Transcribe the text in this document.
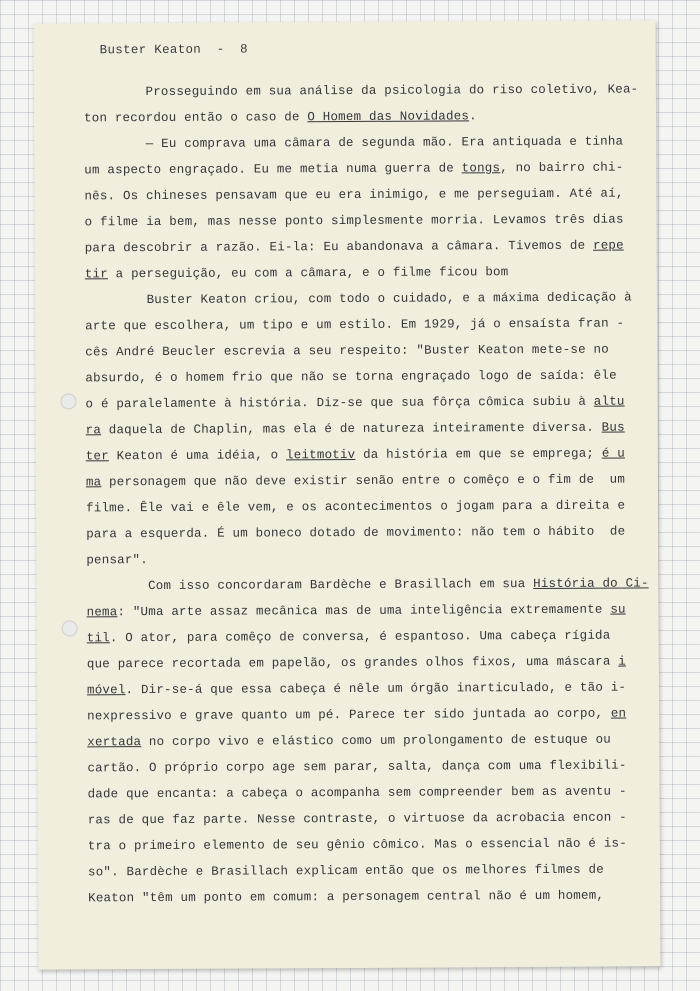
Buster Keaton  -  8
Prosseguindo em sua análise da psicologia do riso coletivo, Kea-
ton recordou então o caso de O Homem das Novidades.
— Eu comprava uma câmara de segunda mão. Era antiquada e tinha
um aspecto engraçado. Eu me metia numa guerra de tongs, no bairro chi-
nês. Os chineses pensavam que eu era inimigo, e me perseguiam. Até aí,
o filme ia bem, mas nesse ponto simplesmente morria. Levamos três dias
para descobrir a razão. Ei-la: Eu abandonava a câmara. Tivemos de repe
tir a perseguição, eu com a câmara, e o filme ficou bom
Buster Keaton criou, com todo o cuidado, e a máxima dedicação à
arte que escolhera, um tipo e um estilo. Em 1929, já o ensaísta fran -
cês André Beucler escrevia a seu respeito: "Buster Keaton mete-se no
absurdo, é o homem frio que não se torna engraçado logo de saída: êle
o é paralelamente à história. Diz-se que sua fôrça cômica subiu à altu
ra daquela de Chaplin, mas ela é de natureza inteiramente diversa. Bus
ter Keaton é uma idéia, o leitmotiv da história em que se emprega; é u
ma personagem que não deve existir senão entre o comêço e o fim de  um
filme. Êle vai e êle vem, e os acontecimentos o jogam para a direita e
para a esquerda. É um boneco dotado de movimento: não tem o hábito  de
pensar".
Com isso concordaram Bardèche e Brasillach em sua História do Ci-
nema: "Uma arte assaz mecânica mas de uma inteligência extremamente su
til. O ator, para comêço de conversa, é espantoso. Uma cabeça rígida
que parece recortada em papelão, os grandes olhos fixos, uma máscara i
móvel. Dir-se-á que essa cabeça é nêle um órgão inarticulado, e tão i-
nexpressivo e grave quanto um pé. Parece ter sido juntada ao corpo, en
xertada no corpo vivo e elástico como um prolongamento de estuque ou
cartão. O próprio corpo age sem parar, salta, dança com uma flexibili-
dade que encanta: a cabeça o acompanha sem compreender bem as aventu -
ras de que faz parte. Nesse contraste, o virtuose da acrobacia encon -
tra o primeiro elemento de seu gênio cômico. Mas o essencial não é is-
so". Bardèche e Brasillach explicam então que os melhores filmes de
Keaton "têm um ponto em comum: a personagem central não é um homem,
